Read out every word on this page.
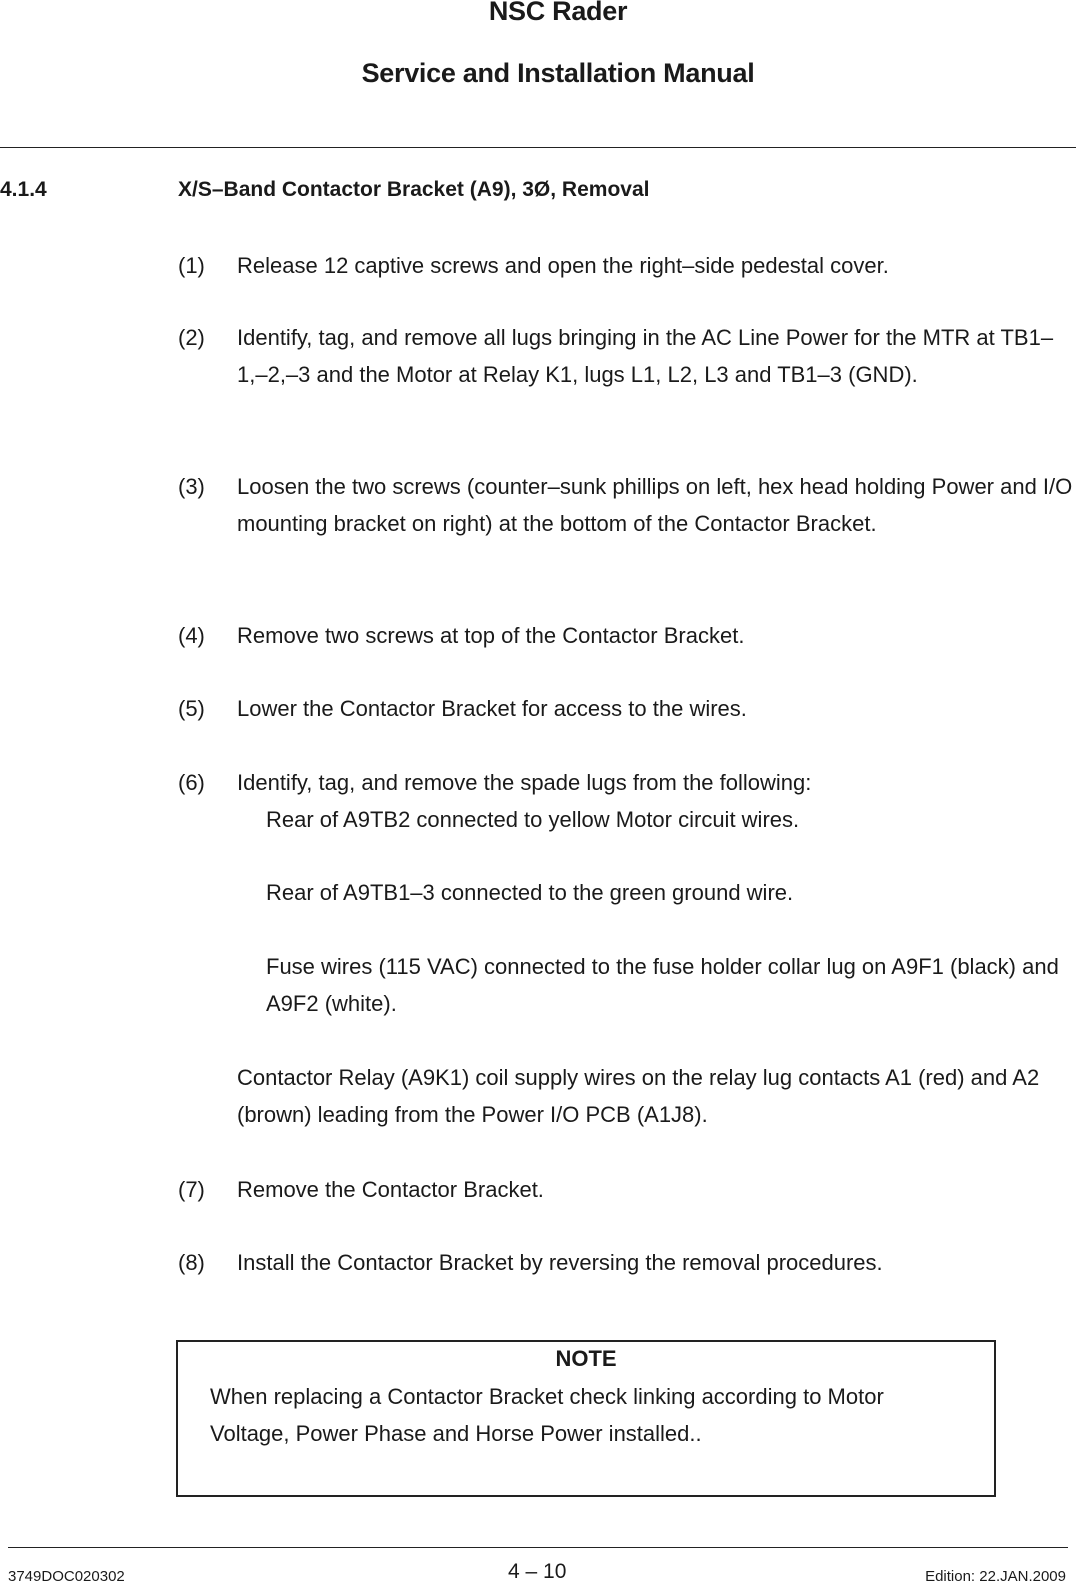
NSC Rader
Service and Installation Manual
4.1.4	X/S–Band Contactor Bracket (A9), 3Ø, Removal
(1) Release 12 captive screws and open the right–side pedestal cover.
(2) Identify, tag, and remove all lugs bringing in the AC Line Power for the MTR at TB1–1,–2,–3 and the Motor at Relay K1, lugs L1, L2, L3 and TB1–3 (GND).
(3) Loosen the two screws (counter–sunk phillips on left, hex head holding Power and I/O mounting bracket on right) at the bottom of the Contactor Bracket.
(4) Remove two screws at top of the Contactor Bracket.
(5) Lower the Contactor Bracket for access to the wires.
(6) Identify, tag, and remove the spade lugs from the following:
Rear of A9TB2 connected to yellow Motor circuit wires.
Rear of A9TB1–3 connected to the green ground wire.
Fuse wires (115 VAC) connected to the fuse holder collar lug on A9F1 (black) and A9F2 (white).
Contactor Relay (A9K1) coil supply wires on the relay lug contacts A1 (red) and A2 (brown) leading from the Power I/O PCB (A1J8).
(7) Remove the Contactor Bracket.
(8) Install the Contactor Bracket by reversing the removal procedures.
NOTE
When replacing a Contactor Bracket check linking according to Motor Voltage, Power Phase and Horse Power installed..
3749DOC020302	4 – 10	Edition: 22.JAN.2009
